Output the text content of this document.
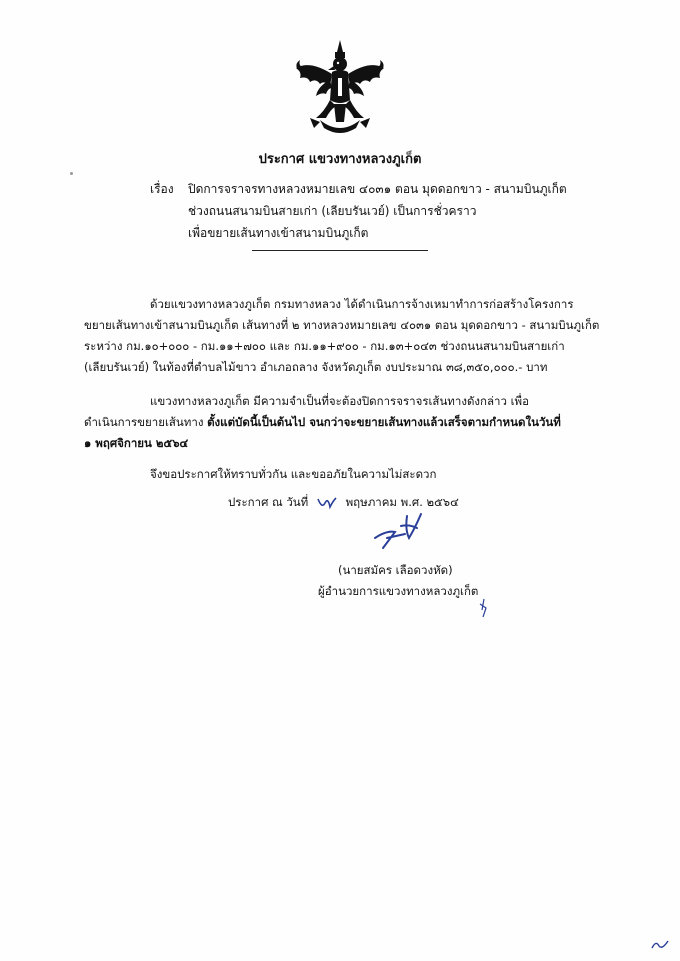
ประกาศ แขวงทางหลวงภูเก็ต
เรื่อง ปิดการจราจรทางหลวงหมายเลข ๔๐๓๑ ตอน มุดดอกขาว - สนามบินภูเก็ต
ช่วงถนนสนามบินสายเก่า (เลียบรันเวย์) เป็นการชั่วคราว
เพื่อขยายเส้นทางเข้าสนามบินภูเก็ต
ด้วยแขวงทางหลวงภูเก็ต กรมทางหลวง ได้ดำเนินการจ้างเหมาทำการก่อสร้างโครงการ
ขยายเส้นทางเข้าสนามบินภูเก็ต เส้นทางที่ ๒ ทางหลวงหมายเลข ๔๐๓๑ ตอน มุดดอกขาว - สนามบินภูเก็ต
ระหว่าง กม.๑๐+๐๐๐ - กม.๑๑+๗๐๐ และ กม.๑๑+๙๐๐ - กม.๑๓+๐๔๓ ช่วงถนนสนามบินสายเก่า
(เลียบรันเวย์) ในท้องที่ตำบลไม้ขาว อำเภอถลาง จังหวัดภูเก็ต งบประมาณ ๓๘,๓๕๐,๐๐๐.- บาท
แขวงทางหลวงภูเก็ต มีความจำเป็นที่จะต้องปิดการจราจรเส้นทางดังกล่าว เพื่อ
ดำเนินการขยายเส้นทาง ตั้งแต่บัดนี้เป็นต้นไป จนกว่าจะขยายเส้นทางแล้วเสร็จตามกำหนดในวันที่
๑ พฤศจิกายน ๒๕๖๔
จึงขอประกาศให้ทราบทั่วกัน และขออภัยในความไม่สะดวก
ประกาศ ณ วันที่	พฤษภาคม พ.ศ. ๒๕๖๔
(นายสมัคร เลือดวงหัด)
ผู้อำนวยการแขวงทางหลวงภูเก็ต
